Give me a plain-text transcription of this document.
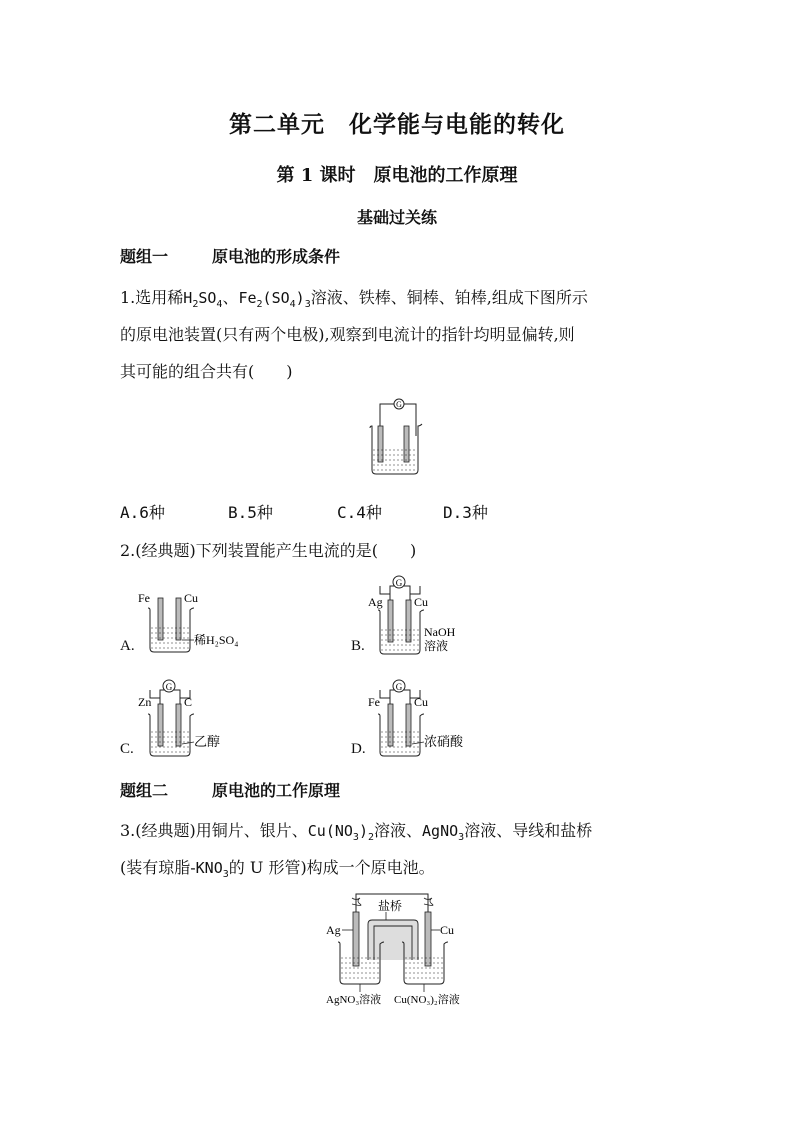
第二单元　化学能与电能的转化
第 1 课时　原电池的工作原理
基础过关练
题组一	原电池的形成条件
1.选用稀$H_2SO_4$、$Fe_2(SO_4)_3$溶液、铁棒、铜棒、铂棒,组成下图所示
的原电池装置(只有两个电极),观察到电流计的指针均明显偏转,则
其可能的组合共有(　　)
G
A.6种	B.5种	C.4种	D.3种
2.(经典题)下列装置能产生电流的是(　　)
A.
Fe	Cu
稀H₂SO₄	B.
G
Ag	Cu
NaOH
溶液
C.
G
Zn	C
乙醇	D.
G
Fe	Cu
浓硝酸
题组二	原电池的工作原理
3.(经典题)用铜片、银片、$Cu(NO_3)_2$溶液、AgNO$_3$溶液、导线和盐桥
(装有琼脂$-KNO_3$的 U 形管)构成一个原电池。
盐桥
Ag	Cu
AgNO₃溶液 Cu(NO₃)₂溶液
